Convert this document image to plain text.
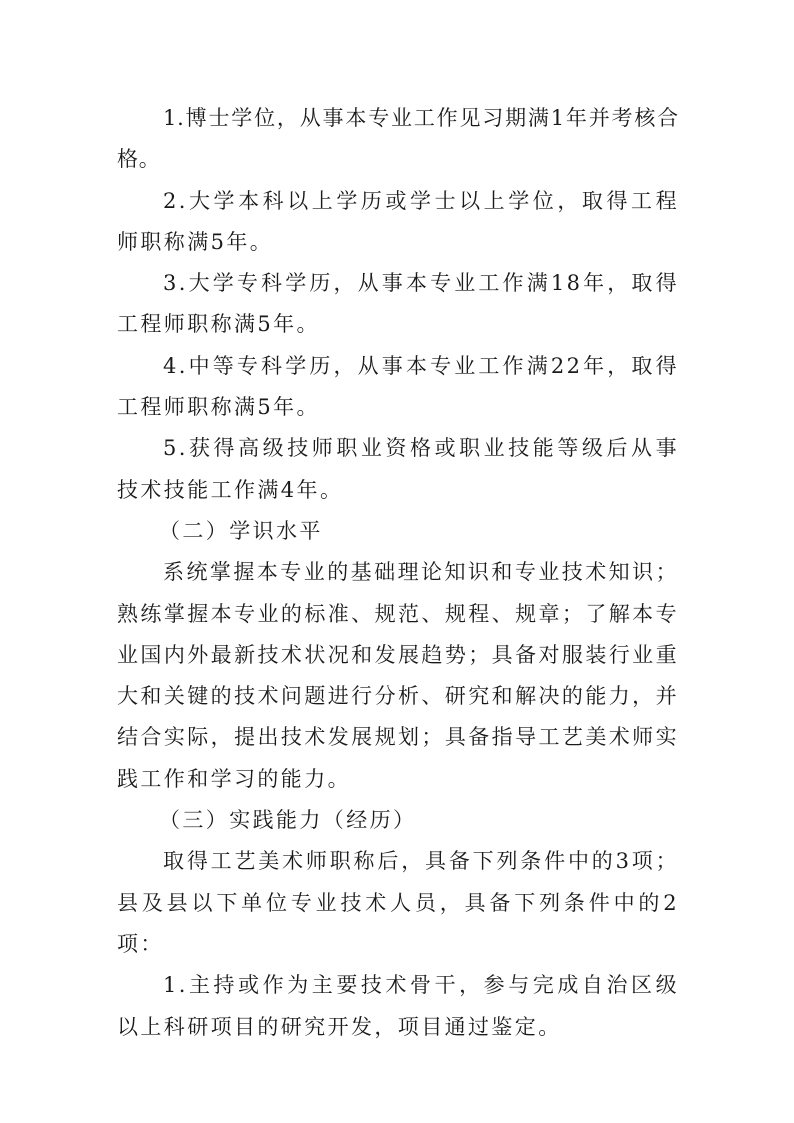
1.博士学位，从事本专业工作见习期满1年并考核合格。

2.大学本科以上学历或学士以上学位，取得工程师职称满5年。

3.大学专科学历，从事本专业工作满18年，取得工程师职称满5年。

4.中等专科学历，从事本专业工作满22年，取得工程师职称满5年。

5.获得高级技师职业资格或职业技能等级后从事技术技能工作满4年。

（二）学识水平

系统掌握本专业的基础理论知识和专业技术知识；熟练掌握本专业的标准、规范、规程、规章；了解本专业国内外最新技术状况和发展趋势；具备对服装行业重大和关键的技术问题进行分析、研究和解决的能力，并结合实际，提出技术发展规划；具备指导工艺美术师实践工作和学习的能力。

（三）实践能力（经历）

取得工艺美术师职称后，具备下列条件中的3项；县及县以下单位专业技术人员，具备下列条件中的2项：

1.主持或作为主要技术骨干，参与完成自治区级以上科研项目的研究开发，项目通过鉴定。
